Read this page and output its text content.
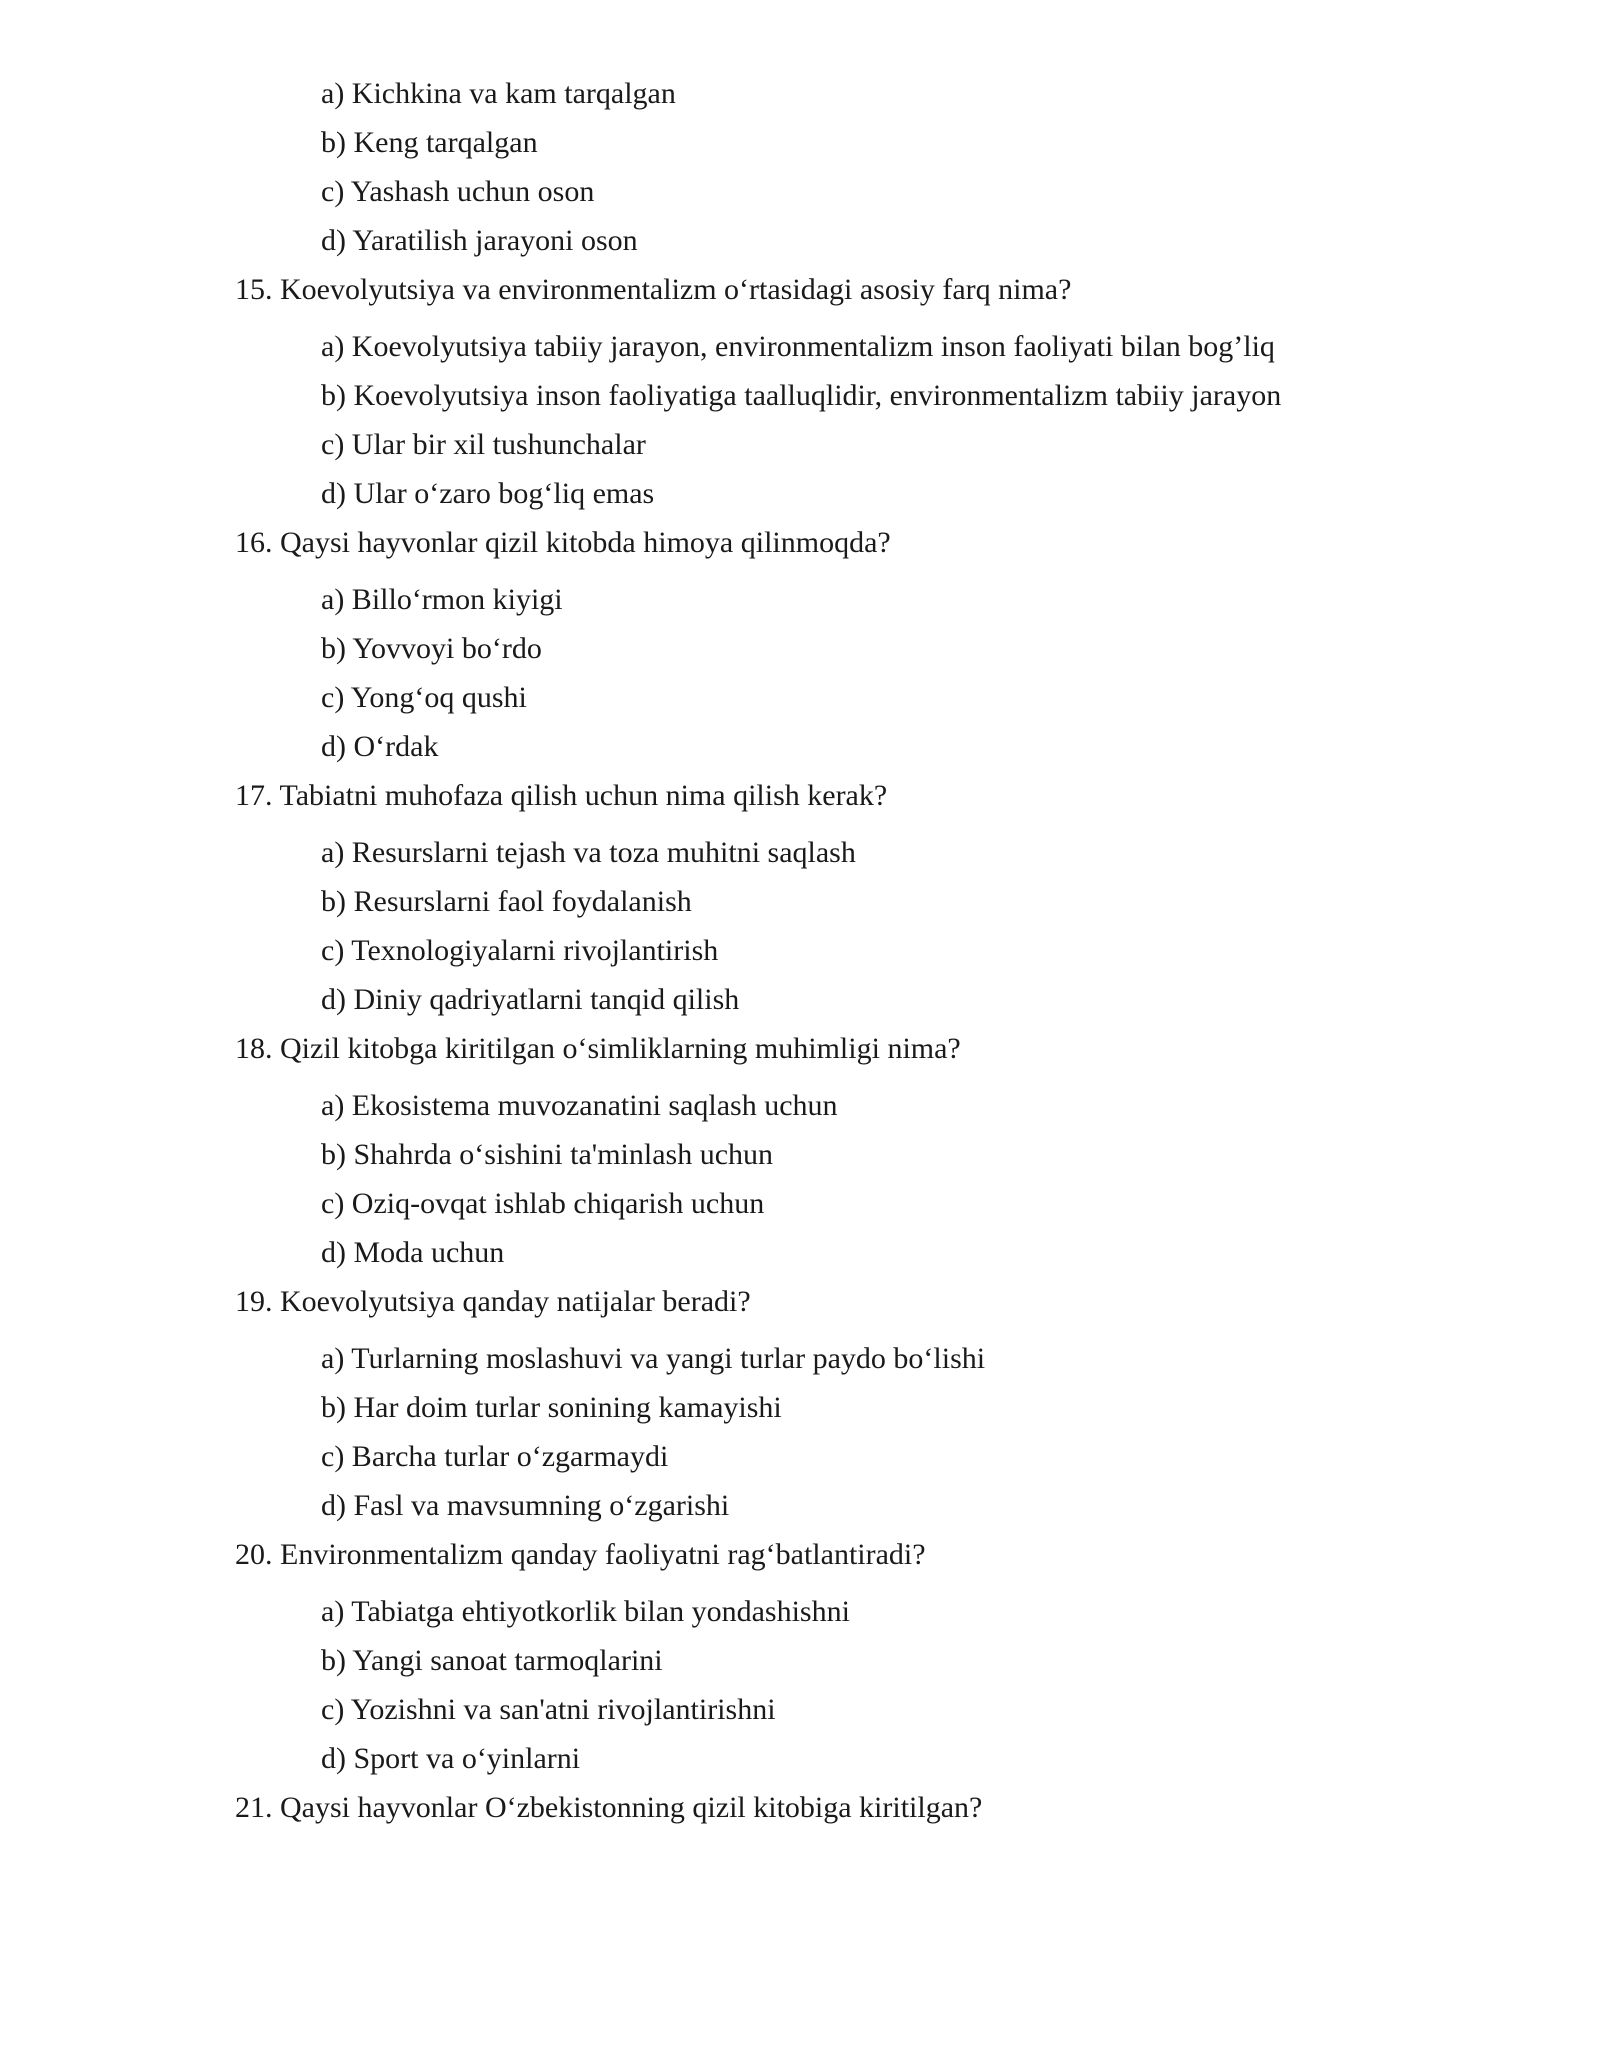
a) Kichkina va kam tarqalgan
b) Keng tarqalgan
c) Yashash uchun oson
d) Yaratilish jarayoni oson
15. Koevolyutsiya va environmentalizm o‘rtasidagi asosiy farq nima?
a) Koevolyutsiya tabiiy jarayon, environmentalizm inson faoliyati bilan bog’liq
b) Koevolyutsiya inson faoliyatiga taalluqlidir, environmentalizm tabiiy jarayon
c) Ular bir xil tushunchalar
d) Ular o‘zaro bog‘liq emas
16. Qaysi hayvonlar qizil kitobda himoya qilinmoqda?
a) Billo‘rmon kiyigi
b) Yovvoyi bo‘rdo
c) Yong‘oq qushi
d) O‘rdak
17. Tabiatni muhofaza qilish uchun nima qilish kerak?
a) Resurslarni tejash va toza muhitni saqlash
b) Resurslarni faol foydalanish
c) Texnologiyalarni rivojlantirish
d) Diniy qadriyatlarni tanqid qilish
18. Qizil kitobga kiritilgan o‘simliklarning muhimligi nima?
a) Ekosistema muvozanatini saqlash uchun
b) Shahrda o‘sishini ta'minlash uchun
c) Oziq-ovqat ishlab chiqarish uchun
d) Moda uchun
19. Koevolyutsiya qanday natijalar beradi?
a) Turlarning moslashuvi va yangi turlar paydo bo‘lishi
b) Har doim turlar sonining kamayishi
c) Barcha turlar o‘zgarmaydi
d) Fasl va mavsumning o‘zgarishi
20. Environmentalizm qanday faoliyatni rag‘batlantiradi?
a) Tabiatga ehtiyotkorlik bilan yondashishni
b) Yangi sanoat tarmoqlarini
c) Yozishni va san'atni rivojlantirishni
d) Sport va o‘yinlarni
21. Qaysi hayvonlar O‘zbekistonning qizil kitobiga kiritilgan?
